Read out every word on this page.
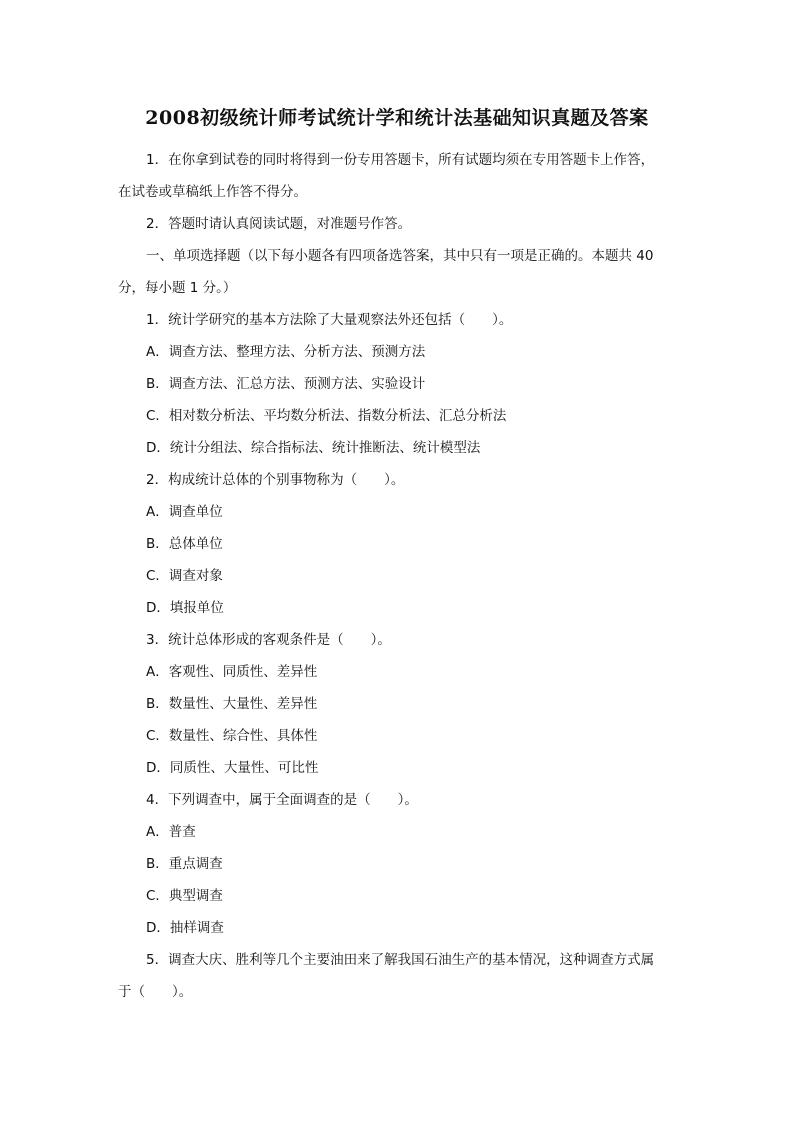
2008初级统计师考试统计学和统计法基础知识真题及答案
1．在你拿到试卷的同时将得到一份专用答题卡，所有试题均须在专用答题卡上作答，
在试卷或草稿纸上作答不得分。
2．答题时请认真阅读试题，对准题号作答。
一、单项选择题（以下每小题各有四项备选答案，其中只有一项是正确的。本题共 40
分，每小题 1 分。）
1．统计学研究的基本方法除了大量观察法外还包括（　　）。
A．调查方法、整理方法、分析方法、预测方法
B．调查方法、汇总方法、预测方法、实验设计
C．相对数分析法、平均数分析法、指数分析法、汇总分析法
D．统计分组法、综合指标法、统计推断法、统计模型法
2．构成统计总体的个别事物称为（　　）。
A．调查单位
B．总体单位
C．调查对象
D．填报单位
3．统计总体形成的客观条件是（　　）。
A．客观性、同质性、差异性
B．数量性、大量性、差异性
C．数量性、综合性、具体性
D．同质性、大量性、可比性
4．下列调查中，属于全面调查的是（　　）。
A．普查
B．重点调查
C．典型调查
D．抽样调查
5．调查大庆、胜利等几个主要油田来了解我国石油生产的基本情况，这种调查方式属
于（　　）。
